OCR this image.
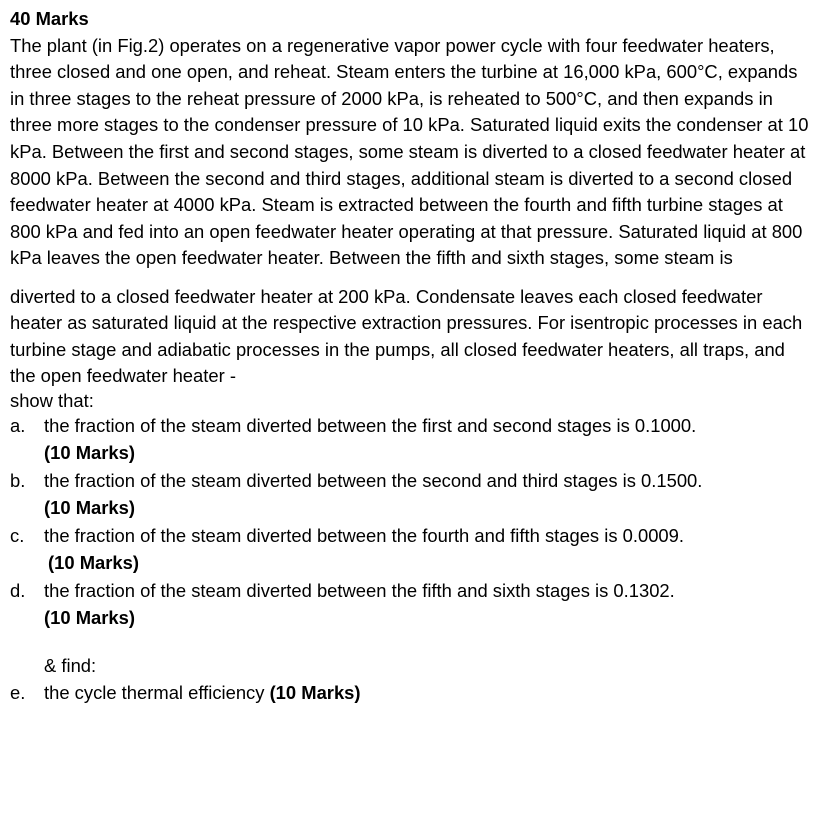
40 Marks

The plant (in Fig.2) operates on a regenerative vapor power cycle with four feedwater heaters, three closed and one open, and reheat. Steam enters the turbine at 16,000 kPa, 600°C, expands in three stages to the reheat pressure of 2000 kPa, is reheated to 500°C, and then expands in three more stages to the condenser pressure of 10 kPa. Saturated liquid exits the condenser at 10 kPa. Between the first and second stages, some steam is diverted to a closed feedwater heater at 8000 kPa. Between the second and third stages, additional steam is diverted to a second closed feedwater heater at 4000 kPa. Steam is extracted between the fourth and fifth turbine stages at 800 kPa and fed into an open feedwater heater operating at that pressure. Saturated liquid at 800 kPa leaves the open feedwater heater. Between the fifth and sixth stages, some steam is

diverted to a closed feedwater heater at 200 kPa. Condensate leaves each closed feedwater heater as saturated liquid at the respective extraction pressures. For isentropic processes in each turbine stage and adiabatic processes in the pumps, all closed feedwater heaters, all traps, and the open feedwater heater -

show that:

a.	the fraction of the steam diverted between the first and second stages is 0.1000.
(10 Marks)
b.	the fraction of the steam diverted between the second and third stages is 0.1500.
(10 Marks)
c.	the fraction of the steam diverted between the fourth and fifth stages is 0.0009.
(10 Marks)
d.	the fraction of the steam diverted between the fifth and sixth stages is 0.1302.
(10 Marks)

& find:

e.	the cycle thermal efficiency (10 Marks)
